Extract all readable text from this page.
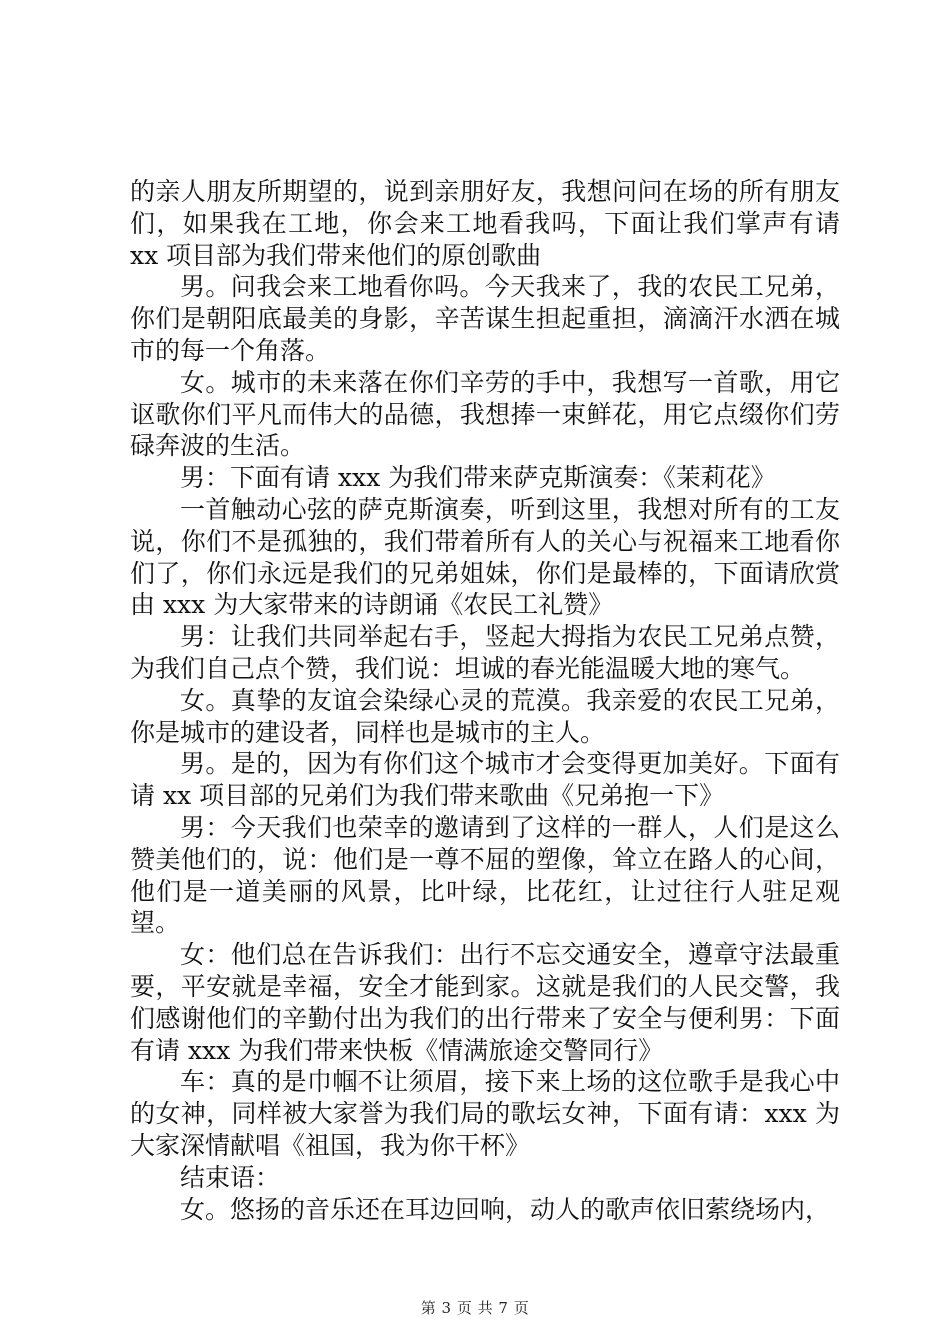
的亲人朋友所期望的，说到亲朋好友，我想问问在场的所有朋友们，如果我在工地，你会来工地看我吗，下面让我们掌声有请 xx 项目部为我们带来他们的原创歌曲

男。问我会来工地看你吗。今天我来了，我的农民工兄弟，你们是朝阳底最美的身影，辛苦谋生担起重担，滴滴汗水洒在城市的每一个角落。

女。城市的未来落在你们辛劳的手中，我想写一首歌，用它讴歌你们平凡而伟大的品德，我想捧一束鲜花，用它点缀你们劳碌奔波的生活。

男：下面有请 xxx 为我们带来萨克斯演奏：《茉莉花》

一首触动心弦的萨克斯演奏，听到这里，我想对所有的工友说，你们不是孤独的，我们带着所有人的关心与祝福来工地看你们了，你们永远是我们的兄弟姐妹，你们是最棒的，下面请欣赏由 xxx 为大家带来的诗朗诵《农民工礼赞》

男：让我们共同举起右手，竖起大拇指为农民工兄弟点赞，为我们自己点个赞，我们说：坦诚的春光能温暖大地的寒气。

女。真挚的友谊会染绿心灵的荒漠。我亲爱的农民工兄弟，你是城市的建设者，同样也是城市的主人。

男。是的，因为有你们这个城市才会变得更加美好。下面有请 xx 项目部的兄弟们为我们带来歌曲《兄弟抱一下》

男：今天我们也荣幸的邀请到了这样的一群人，人们是这么赞美他们的，说：他们是一尊不屈的塑像，耸立在路人的心间，他们是一道美丽的风景，比叶绿，比花红，让过往行人驻足观望。

女：他们总在告诉我们：出行不忘交通安全，遵章守法最重要，平安就是幸福，安全才能到家。这就是我们的人民交警，我们感谢他们的辛勤付出为我们的出行带来了安全与便利男：下面有请 xxx 为我们带来快板《情满旅途交警同行》

车：真的是巾帼不让须眉，接下来上场的这位歌手是我心中的女神，同样被大家誉为我们局的歌坛女神，下面有请：xxx 为大家深情献唱《祖国，我为你干杯》

结束语：

女。悠扬的音乐还在耳边回响，动人的歌声依旧萦绕场内，

第 3 页 共 7 页
